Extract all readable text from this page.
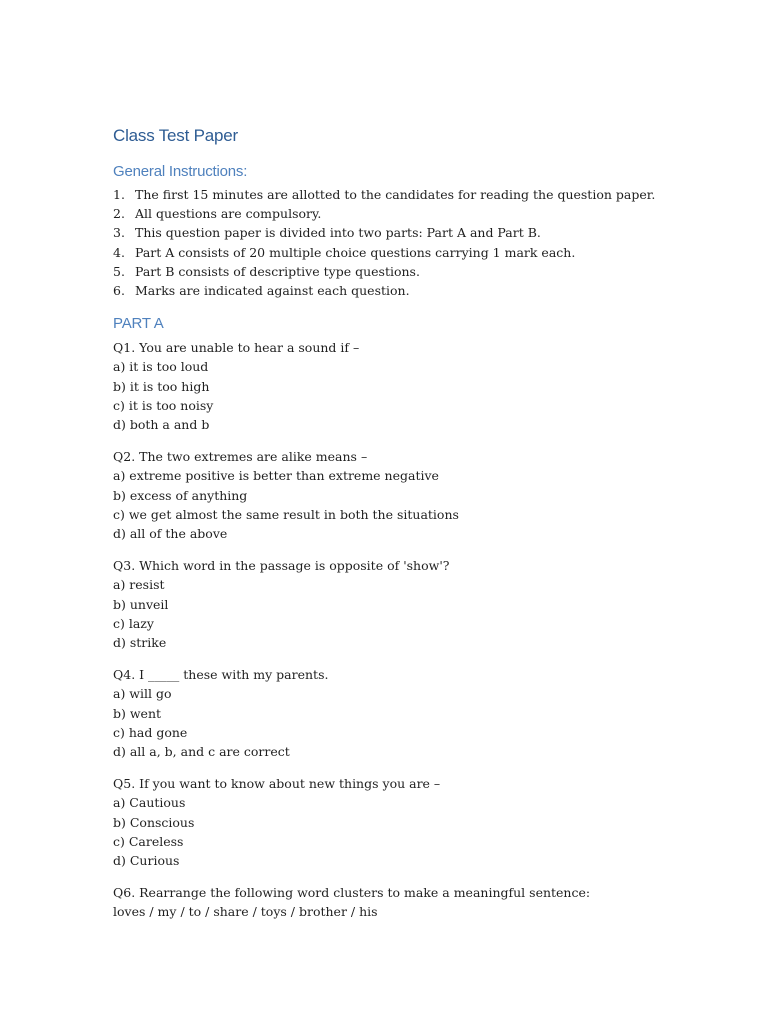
Class Test Paper
General Instructions:
1. The first 15 minutes are allotted to the candidates for reading the question paper.
2. All questions are compulsory.
3. This question paper is divided into two parts: Part A and Part B.
4. Part A consists of 20 multiple choice questions carrying 1 mark each.
5. Part B consists of descriptive type questions.
6. Marks are indicated against each question.
PART A
Q1. You are unable to hear a sound if –
a) it is too loud
b) it is too high
c) it is too noisy
d) both a and b
Q2. The two extremes are alike means –
a) extreme positive is better than extreme negative
b) excess of anything
c) we get almost the same result in both the situations
d) all of the above
Q3. Which word in the passage is opposite of 'show'?
a) resist
b) unveil
c) lazy
d) strike
Q4. I _____ these with my parents.
a) will go
b) went
c) had gone
d) all a, b, and c are correct
Q5. If you want to know about new things you are –
a) Cautious
b) Conscious
c) Careless
d) Curious
Q6. Rearrange the following word clusters to make a meaningful sentence:
loves / my / to / share / toys / brother / his
